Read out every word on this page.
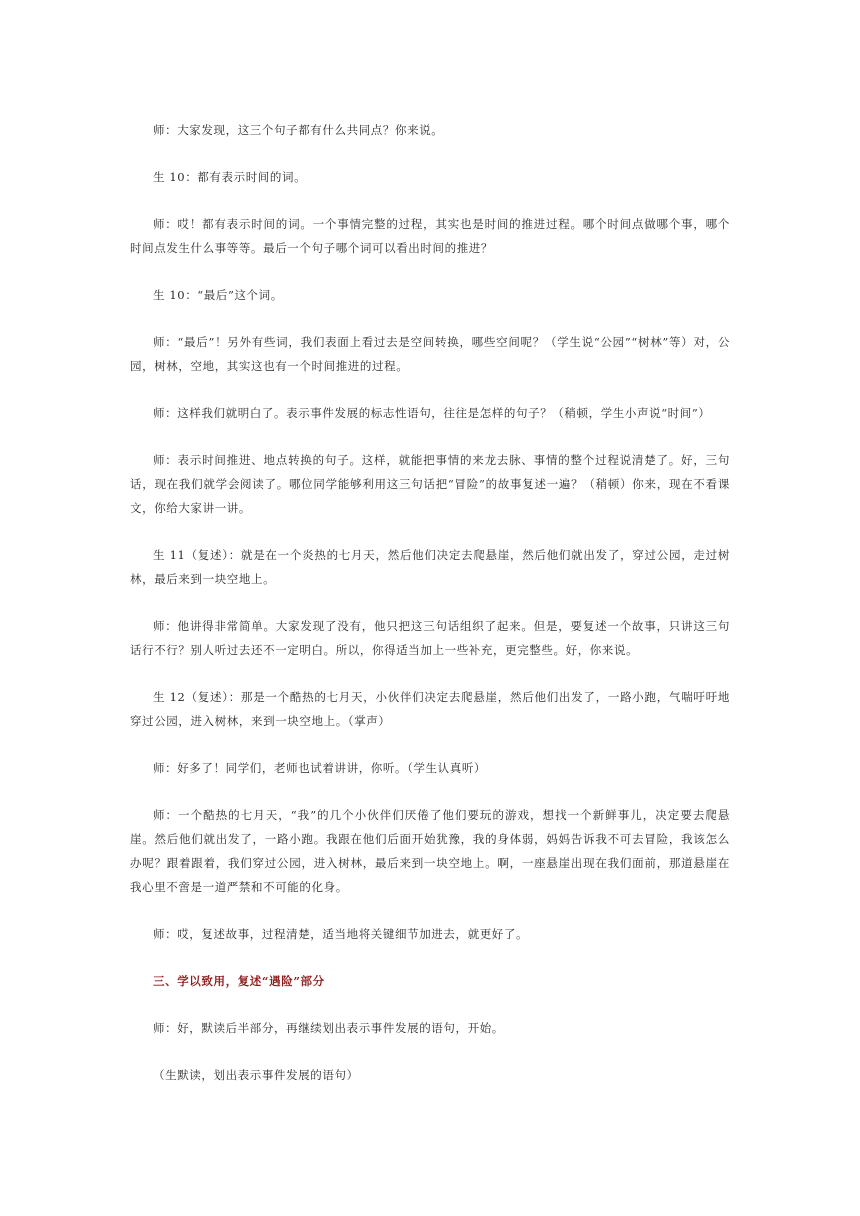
师：大家发现，这三个句子都有什么共同点？你来说。

生 10：都有表示时间的词。

师：哎！都有表示时间的词。一个事情完整的过程，其实也是时间的推进过程。哪个时间点做哪个事，哪个时间点发生什么事等等。最后一个句子哪个词可以看出时间的推进？

生 10：“最后”这个词。

师：“最后”！另外有些词，我们表面上看过去是空间转换，哪些空间呢？（学生说“公园”“树林”等）对，公园，树林，空地，其实这也有一个时间推进的过程。

师：这样我们就明白了。表示事件发展的标志性语句，往往是怎样的句子？（稍顿，学生小声说“时间”）

师：表示时间推进、地点转换的句子。这样，就能把事情的来龙去脉、事情的整个过程说清楚了。好，三句话，现在我们就学会阅读了。哪位同学能够利用这三句话把“冒险”的故事复述一遍？（稍顿）你来，现在不看课文，你给大家讲一讲。

生 11（复述）：就是在一个炎热的七月天，然后他们决定去爬悬崖，然后他们就出发了，穿过公园，走过树林，最后来到一块空地上。

师：他讲得非常简单。大家发现了没有，他只把这三句话组织了起来。但是，要复述一个故事，只讲这三句话行不行？别人听过去还不一定明白。所以，你得适当加上一些补充，更完整些。好，你来说。

生 12（复述）：那是一个酷热的七月天，小伙伴们决定去爬悬崖，然后他们出发了，一路小跑，气喘吁吁地穿过公园，进入树林，来到一块空地上。（掌声）

师：好多了！同学们，老师也试着讲讲，你听。（学生认真听）

师：一个酷热的七月天，“我”的几个小伙伴们厌倦了他们要玩的游戏，想找一个新鲜事儿，决定要去爬悬崖。然后他们就出发了，一路小跑。我跟在他们后面开始犹豫，我的身体弱，妈妈告诉我不可去冒险，我该怎么办呢？跟着跟着，我们穿过公园，进入树林，最后来到一块空地上。啊，一座悬崖出现在我们面前，那道悬崖在我心里不啻是一道严禁和不可能的化身。

师：哎，复述故事，过程清楚，适当地将关键细节加进去，就更好了。

三、学以致用，复述“遇险”部分

师：好，默读后半部分，再继续划出表示事件发展的语句，开始。

（生默读，划出表示事件发展的语句）
